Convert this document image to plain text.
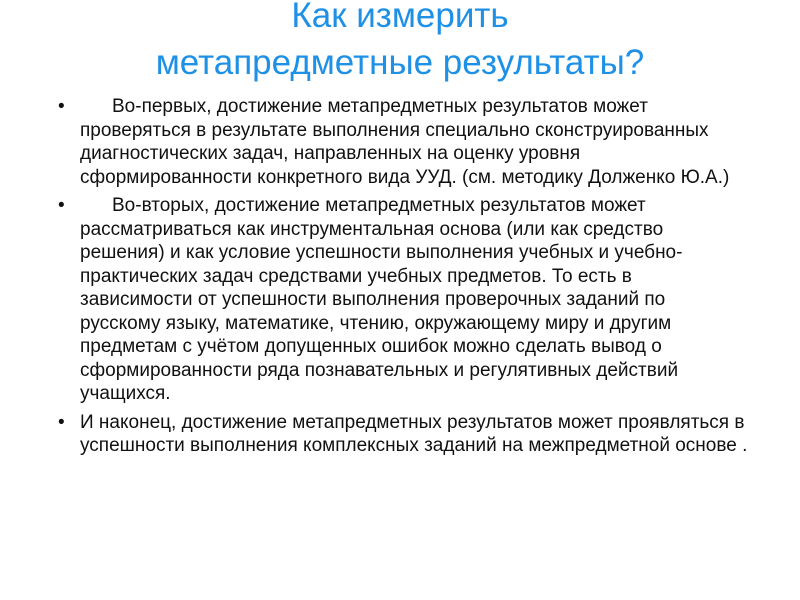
Как измерить
метапредметные результаты?
•	Во-первых, достижение метапредметных результатов может проверяться в результате выполнения специально сконструированных диагностических задач, направленных на оценку уровня сформированности конкретного вида УУД. (см. методику Долженко Ю.А.)
•	Во-вторых, достижение метапредметных результатов может рассматриваться как инструментальная основа (или как средство решения) и как условие успешности выполнения учебных и учебно-практических задач средствами учебных предметов. То есть в зависимости от успешности выполнения проверочных заданий по русскому языку, математике, чтению, окружающему миру и другим предметам с учётом допущенных ошибок можно сделать вывод о сформированности ряда познавательных и регулятивных действий учащихся.
• И наконец, достижение метапредметных результатов может проявляться в успешности выполнения комплексных заданий на межпредметной основе .
